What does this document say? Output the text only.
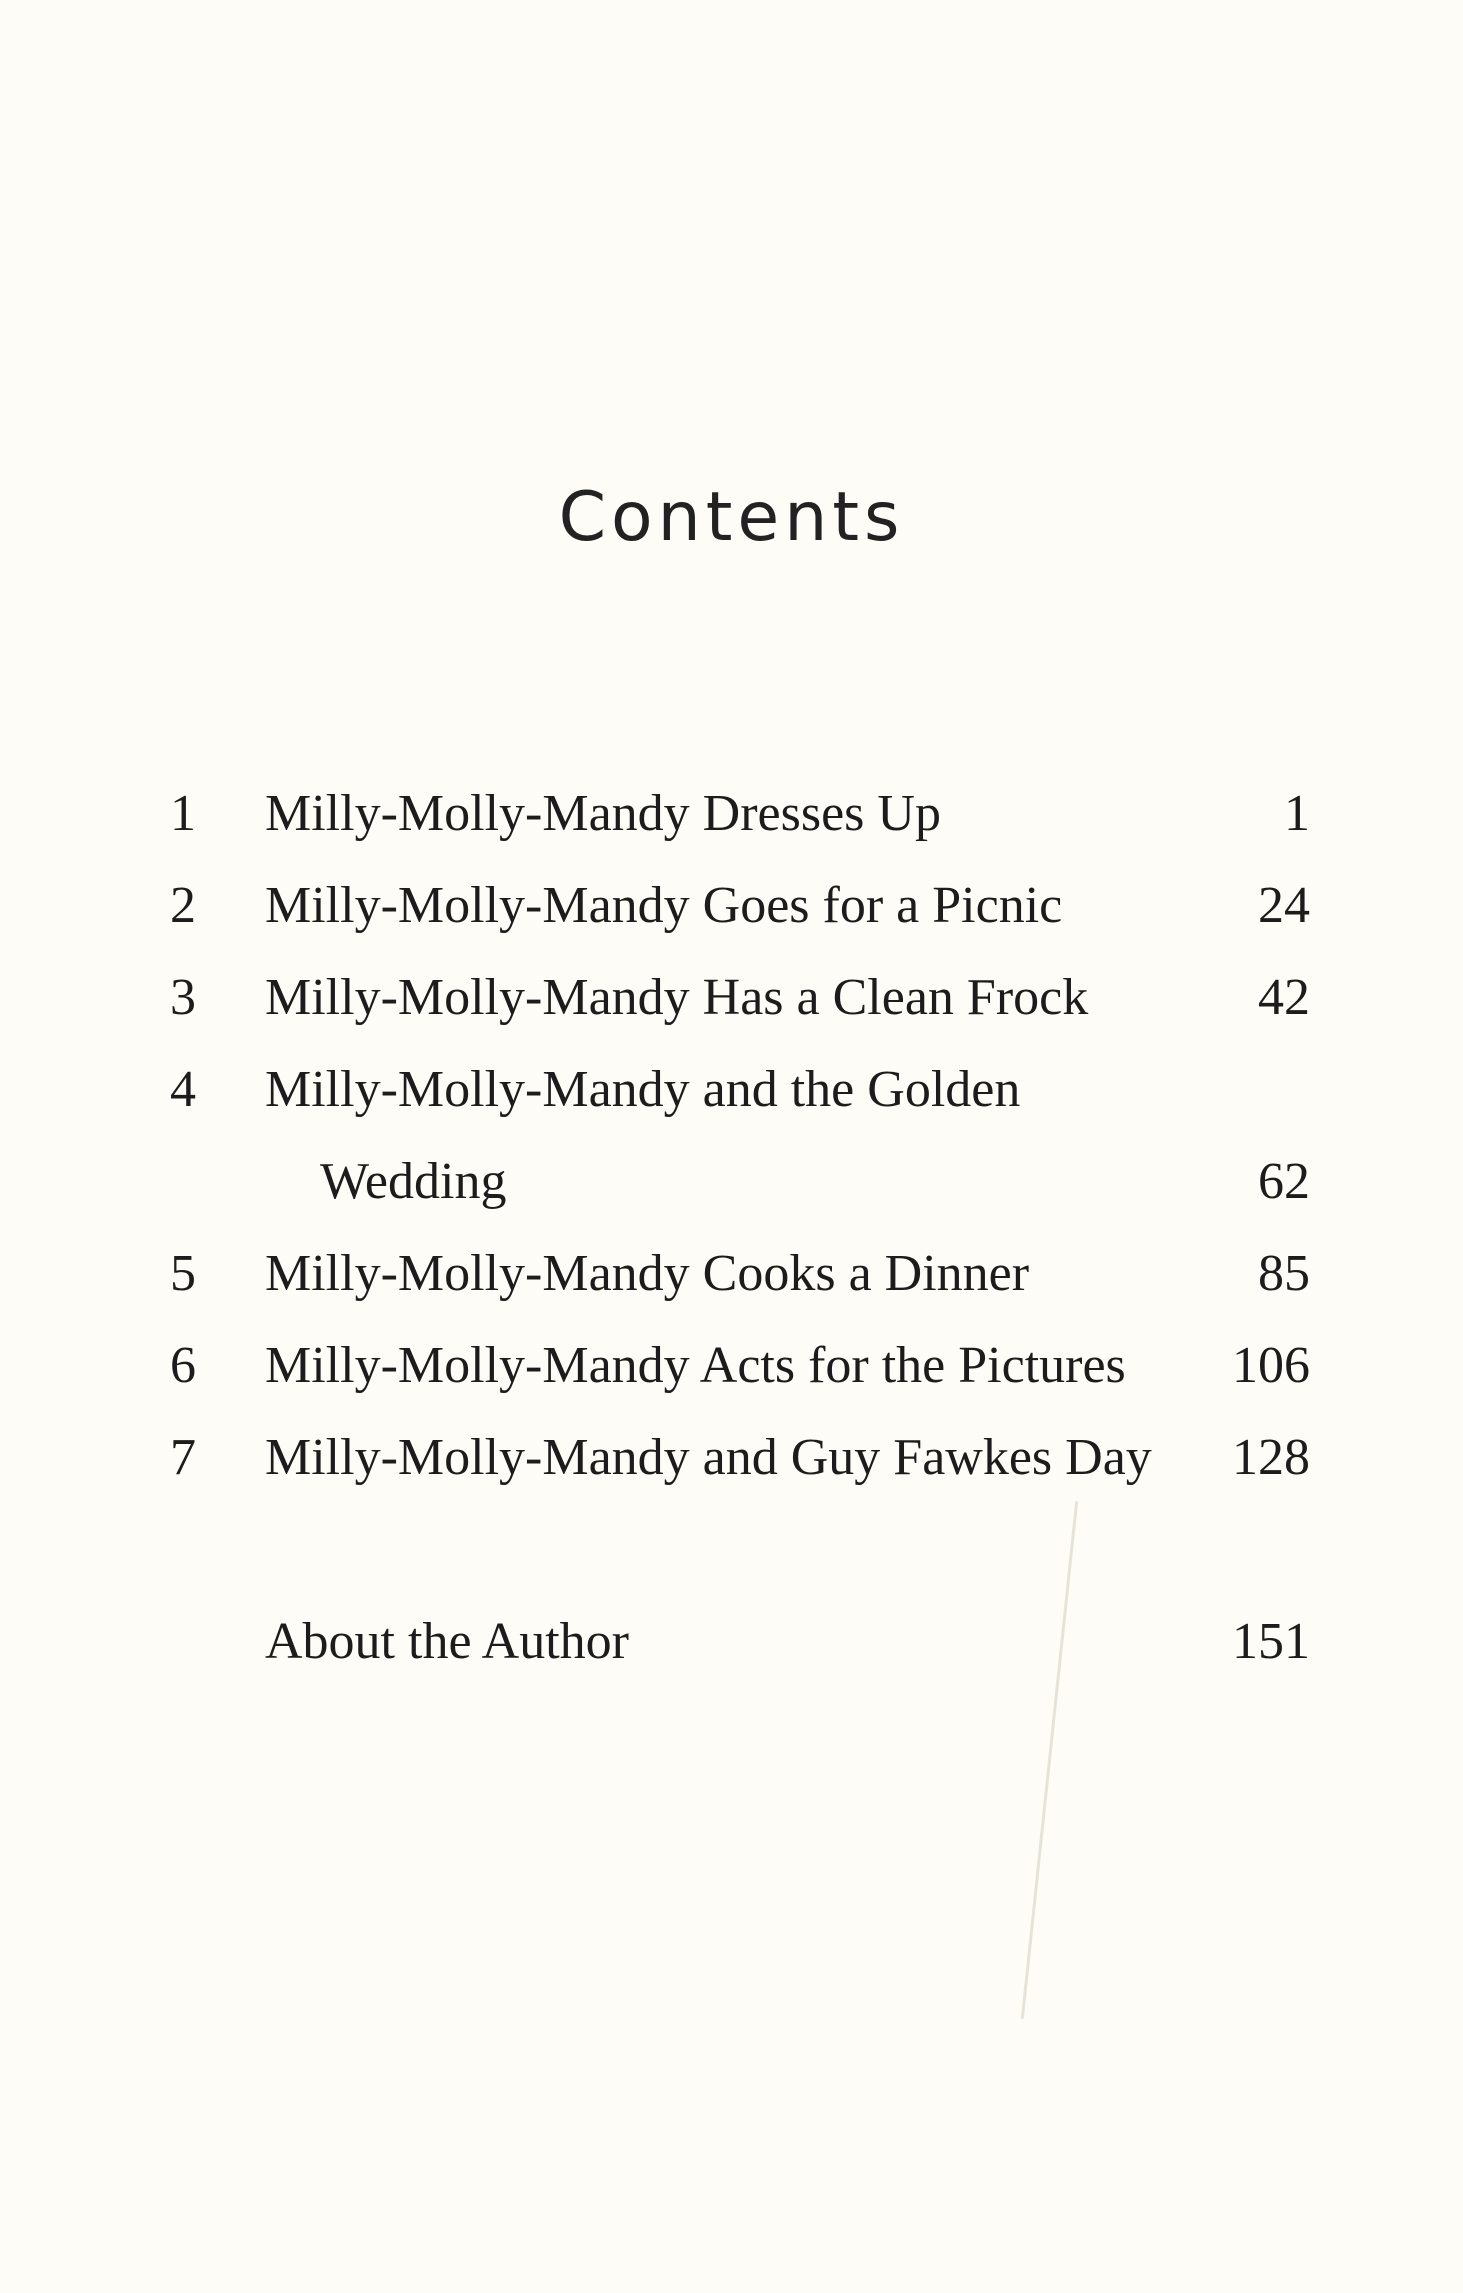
Contents
1	Milly-Molly-Mandy Dresses Up	1
2	Milly-Molly-Mandy Goes for a Picnic	24
3	Milly-Molly-Mandy Has a Clean Frock	42
4	Milly-Molly-Mandy and the Golden
Wedding	62
5	Milly-Molly-Mandy Cooks a Dinner	85
6	Milly-Molly-Mandy Acts for the Pictures 106
7	Milly-Molly-Mandy and Guy Fawkes Day 128
About the Author	151
